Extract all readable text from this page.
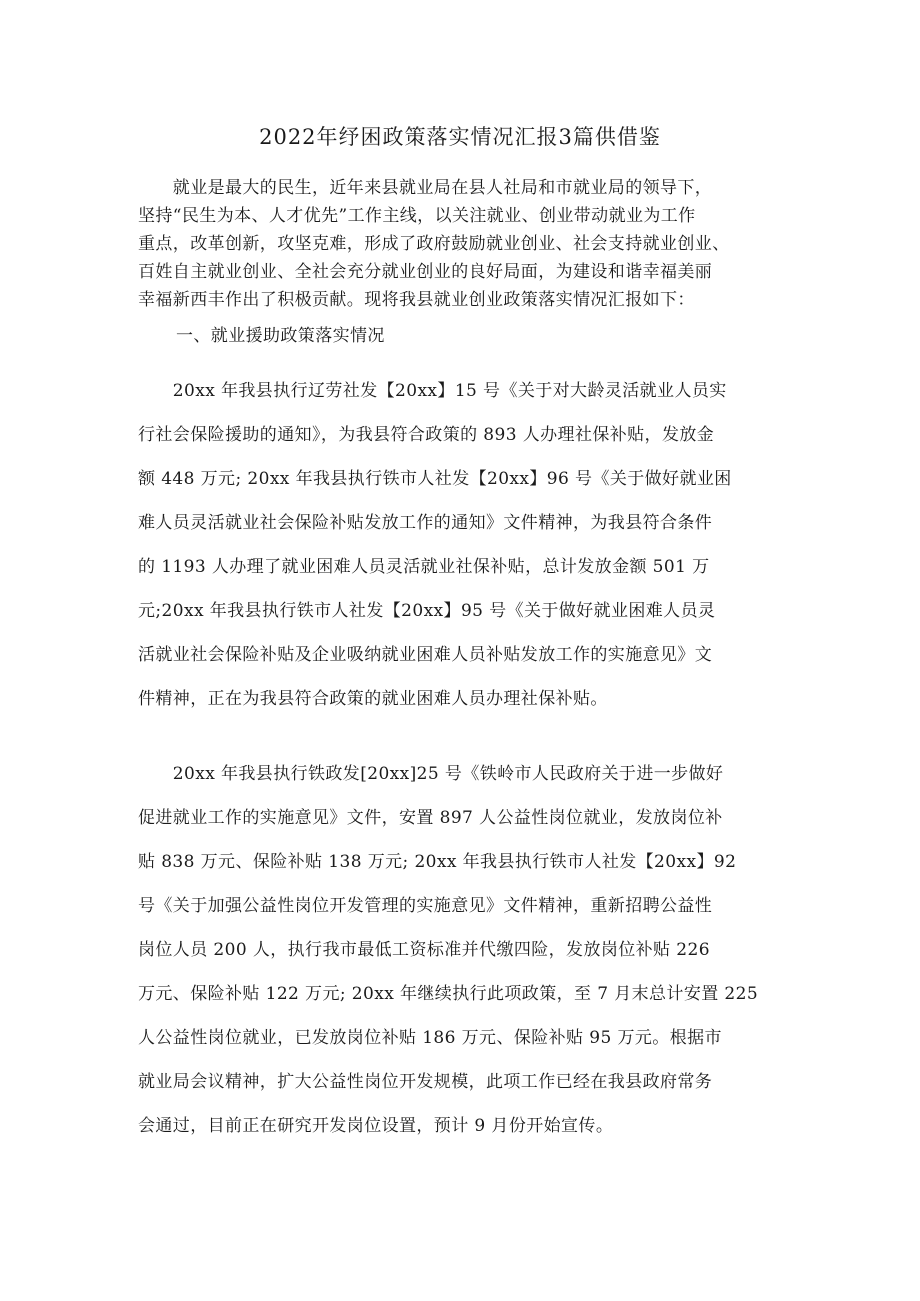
2022年纾困政策落实情况汇报3篇供借鉴
　　就业是最大的民生，近年来县就业局在县人社局和市就业局的领导下，
坚持“民生为本、人才优先”工作主线，以关注就业、创业带动就业为工作
重点，改革创新，攻坚克难，形成了政府鼓励就业创业、社会支持就业创业、
百姓自主就业创业、全社会充分就业创业的良好局面，为建设和谐幸福美丽
幸福新西丰作出了积极贡献。现将我县就业创业政策落实情况汇报如下：
一、就业援助政策落实情况
　　20xx 年我县执行辽劳社发【20xx】15 号《关于对大龄灵活就业人员实
行社会保险援助的通知》，为我县符合政策的 893 人办理社保补贴，发放金
额 448 万元; 20xx 年我县执行铁市人社发【20xx】96 号《关于做好就业困
难人员灵活就业社会保险补贴发放工作的通知》文件精神，为我县符合条件
的 1193 人办理了就业困难人员灵活就业社保补贴，总计发放金额 501 万
元;20xx 年我县执行铁市人社发【20xx】95 号《关于做好就业困难人员灵
活就业社会保险补贴及企业吸纳就业困难人员补贴发放工作的实施意见》文
件精神，正在为我县符合政策的就业困难人员办理社保补贴。
　　20xx 年我县执行铁政发[20xx]25 号《铁岭市人民政府关于进一步做好
促进就业工作的实施意见》文件，安置 897 人公益性岗位就业，发放岗位补
贴 838 万元、保险补贴 138 万元; 20xx 年我县执行铁市人社发【20xx】92
号《关于加强公益性岗位开发管理的实施意见》文件精神，重新招聘公益性
岗位人员 200 人，执行我市最低工资标准并代缴四险，发放岗位补贴 226
万元、保险补贴 122 万元; 20xx 年继续执行此项政策，至 7 月末总计安置 225
人公益性岗位就业，已发放岗位补贴 186 万元、保险补贴 95 万元。根据市
就业局会议精神，扩大公益性岗位开发规模，此项工作已经在我县政府常务
会通过，目前正在研究开发岗位设置，预计 9 月份开始宣传。
